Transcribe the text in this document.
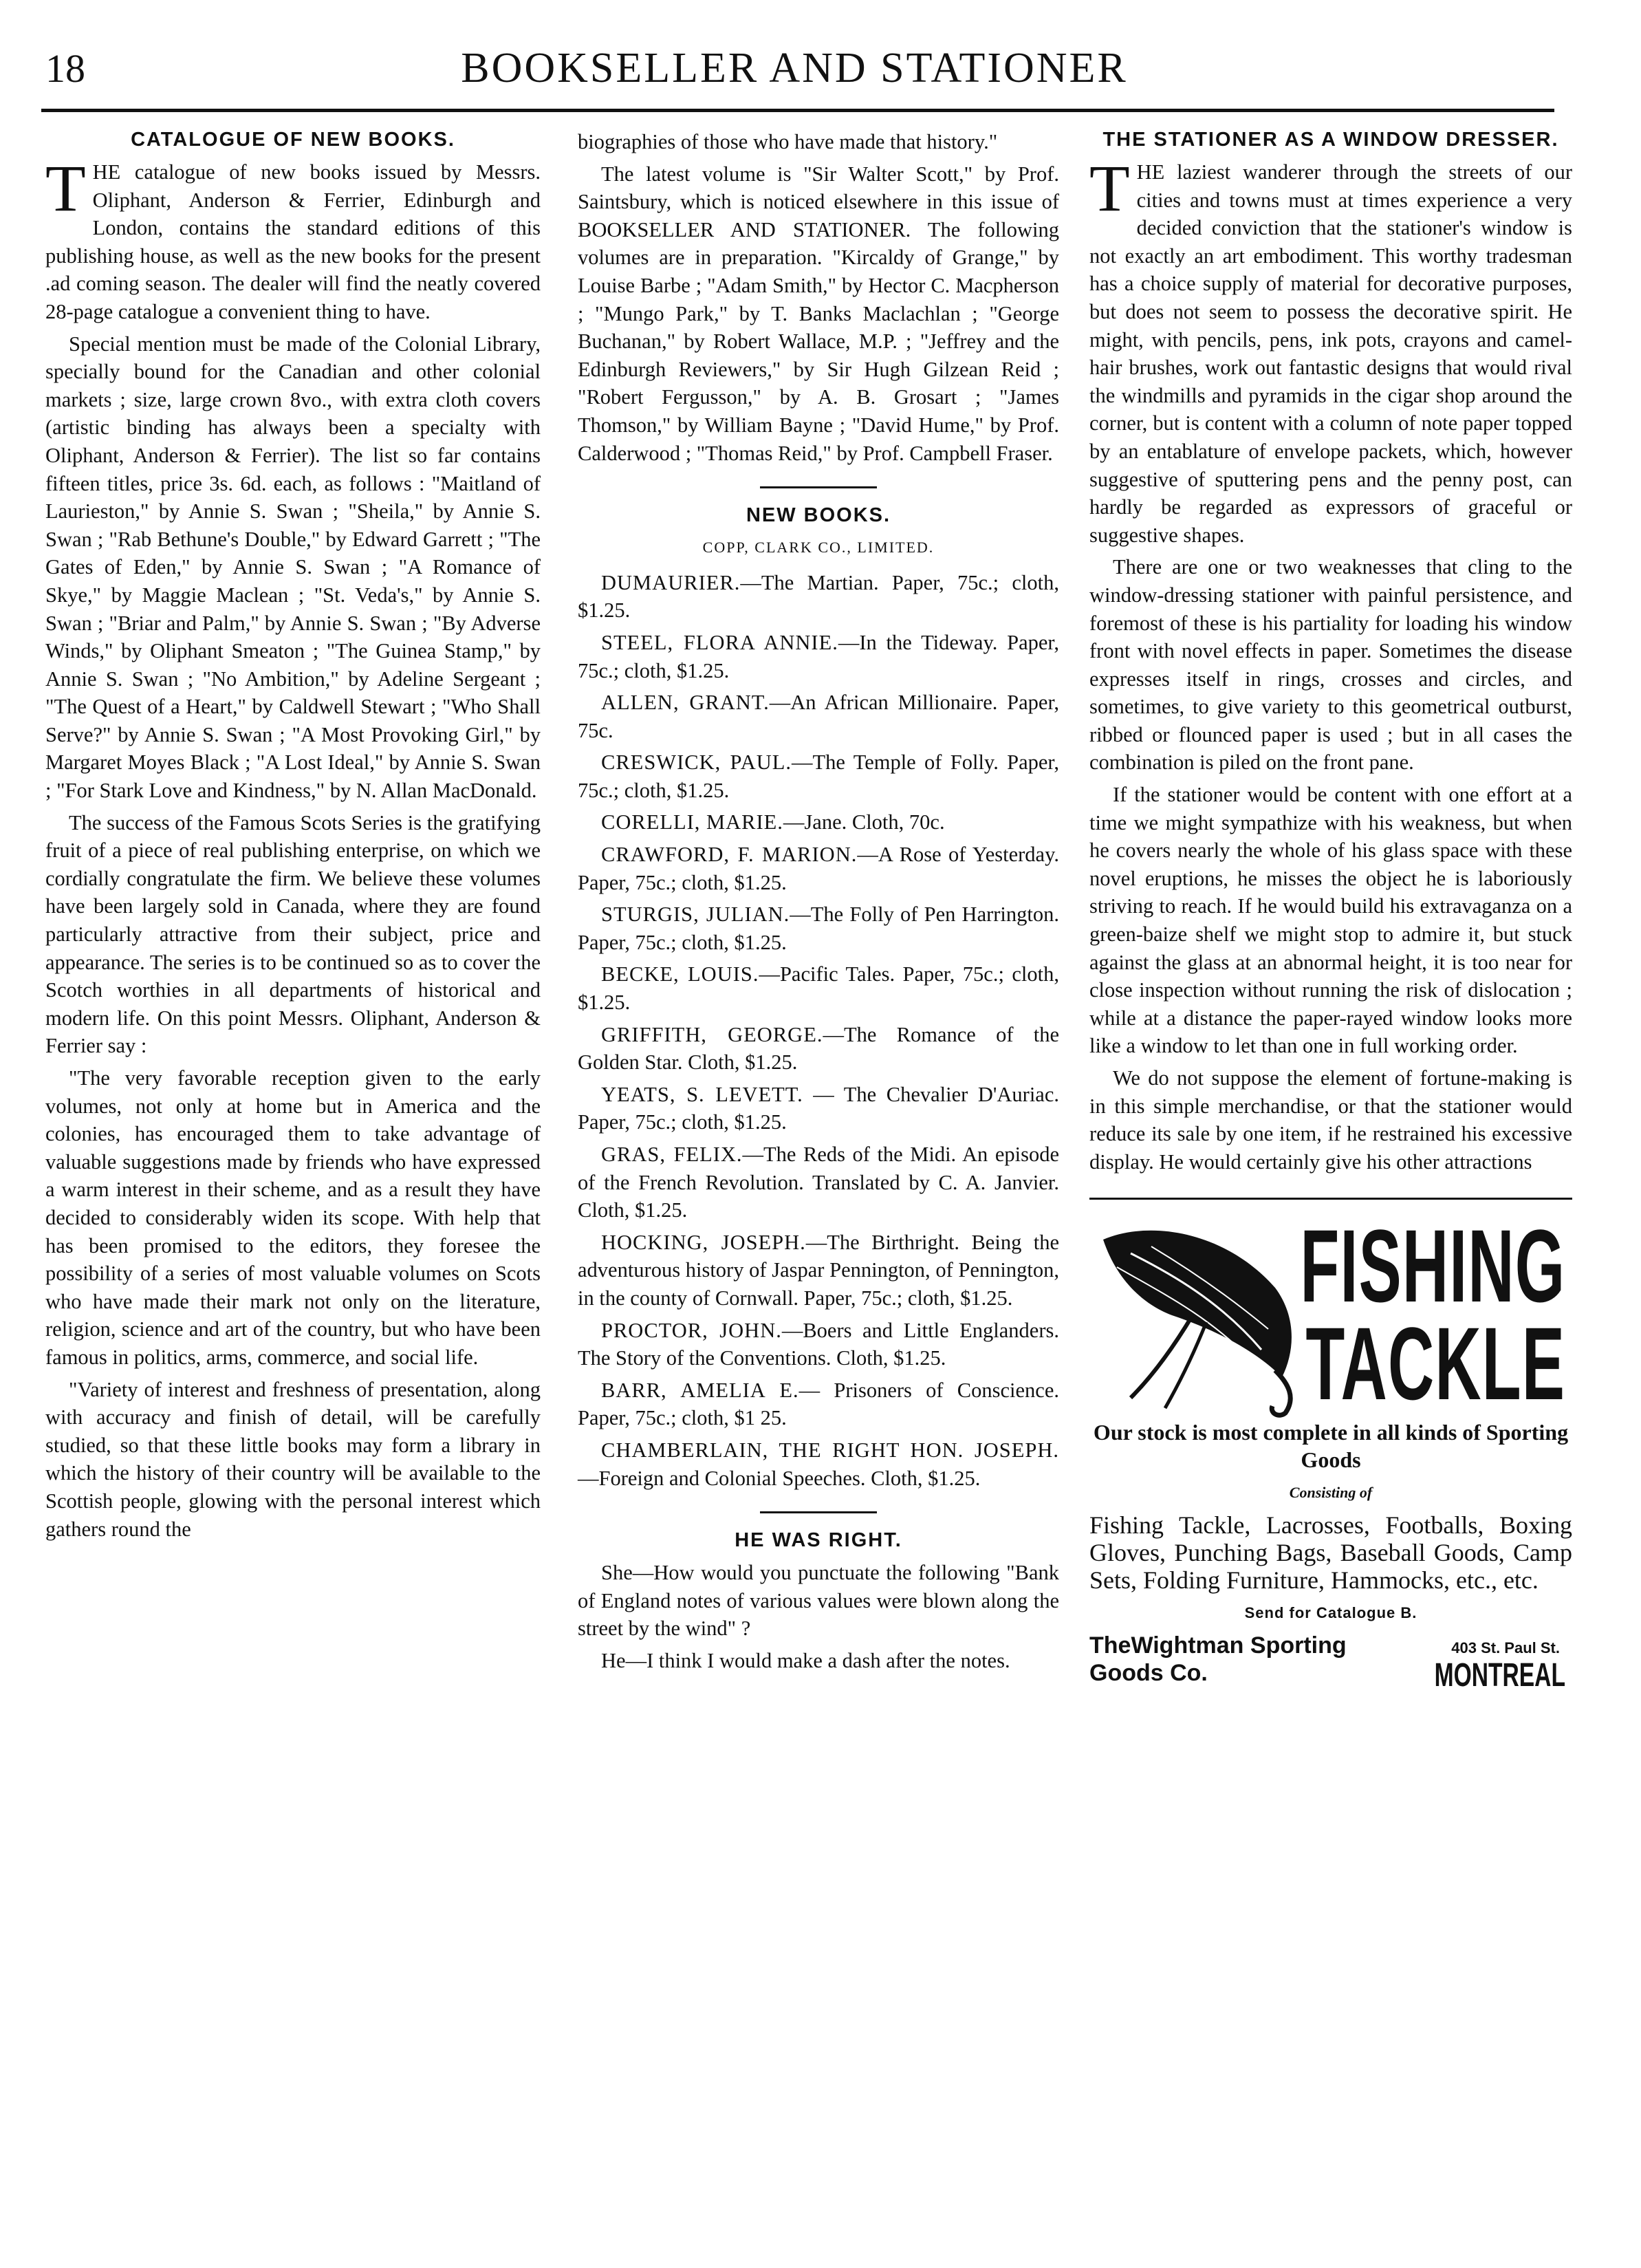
18	BOOKSELLER AND STATIONER
CATALOGUE OF NEW BOOKS.

THE catalogue of new books issued by Messrs. Oliphant, Anderson & Ferrier, Edinburgh and London, contains the standard editions of this publishing house, as well as the new books for the present .ad coming season. The dealer will find the neatly covered 28-page catalogue a convenient thing to have.

Special mention must be made of the Colonial Library, specially bound for the Canadian and other colonial markets ; size, large crown 8vo., with extra cloth covers (artistic binding has always been a specialty with Oliphant, Anderson & Ferrier). The list so far contains fifteen titles, price 3s. 6d. each, as follows : "Maitland of Laurieston," by Annie S. Swan ; "Sheila," by Annie S. Swan ; "Rab Bethune's Double," by Edward Garrett ; "The Gates of Eden," by Annie S. Swan ; "A Romance of Skye," by Maggie Maclean ; "St. Veda's," by Annie S. Swan ; "Briar and Palm," by Annie S. Swan ; "By Adverse Winds," by Oliphant Smeaton ; "The Guinea Stamp," by Annie S. Swan ; "No Ambition," by Adeline Sergeant ; "The Quest of a Heart," by Caldwell Stewart ; "Who Shall Serve?" by Annie S. Swan ; "A Most Provoking Girl," by Margaret Moyes Black ; "A Lost Ideal," by Annie S. Swan ; "For Stark Love and Kindness," by N. Allan MacDonald.

The success of the Famous Scots Series is the gratifying fruit of a piece of real publishing enterprise, on which we cordially congratulate the firm. We believe these volumes have been largely sold in Canada, where they are found particularly attractive from their subject, price and appearance. The series is to be continued so as to cover the Scotch worthies in all departments of historical and modern life. On this point Messrs. Oliphant, Anderson & Ferrier say :

"The very favorable reception given to the early volumes, not only at home but in America and the colonies, has encouraged them to take advantage of valuable suggestions made by friends who have expressed a warm interest in their scheme, and as a result they have decided to considerably widen its scope. With help that has been promised to the editors, they foresee the possibility of a series of most valuable volumes on Scots who have made their mark not only on the literature, religion, science and art of the country, but who have been famous in politics, arms, commerce, and social life.

"Variety of interest and freshness of presentation, along with accuracy and finish of detail, will be carefully studied, so that these little books may form a library in which the history of their country will be available to the Scottish people, glowing with the personal interest which gathers round the

biographies of those who have made that history."

The latest volume is "Sir Walter Scott," by Prof. Saintsbury, which is noticed elsewhere in this issue of BOOKSELLER AND STATIONER. The following volumes are in preparation. "Kircaldy of Grange," by Louise Barbe ; "Adam Smith," by Hector C. Macpherson ; "Mungo Park," by T. Banks Maclachlan ; "George Buchanan," by Robert Wallace, M.P. ; "Jeffrey and the Edinburgh Reviewers," by Sir Hugh Gilzean Reid ; "Robert Fergusson," by A. B. Grosart ; "James Thomson," by William Bayne ; "David Hume," by Prof. Calderwood ; "Thomas Reid," by Prof. Campbell Fraser.

NEW BOOKS.
COPP, CLARK CO., LIMITED.

DUMAURIER.—The Martian. Paper, 75c.; cloth, $1.25.

STEEL, FLORA ANNIE.—In the Tideway. Paper, 75c.; cloth, $1.25.

ALLEN, GRANT.—An African Millionaire. Paper, 75c.

CRESWICK, PAUL.—The Temple of Folly. Paper, 75c.; cloth, $1.25.

CORELLI, MARIE.—Jane. Cloth, 70c.

CRAWFORD, F. MARION.—A Rose of Yesterday. Paper, 75c.; cloth, $1.25.

STURGIS, JULIAN.—The Folly of Pen Harrington. Paper, 75c.; cloth, $1.25.

BECKE, LOUIS.—Pacific Tales. Paper, 75c.; cloth, $1.25.

GRIFFITH, GEORGE.—The Romance of the Golden Star. Cloth, $1.25.

YEATS, S. LEVETT. — The Chevalier D'Auriac. Paper, 75c.; cloth, $1.25.

GRAS, FELIX.—The Reds of the Midi. An episode of the French Revolution. Translated by C. A. Janvier. Cloth, $1.25.

HOCKING, JOSEPH.—The Birthright. Being the adventurous history of Jaspar Pennington, of Pennington, in the county of Cornwall. Paper, 75c.; cloth, $1.25.

PROCTOR, JOHN.—Boers and Little Englanders. The Story of the Conventions. Cloth, $1.25.

BARR, AMELIA E.— Prisoners of Conscience. Paper, 75c.; cloth, $1 25.

CHAMBERLAIN, THE RIGHT HON. JOSEPH.—Foreign and Colonial Speeches. Cloth, $1.25.

HE WAS RIGHT.

She—How would you punctuate the following "Bank of England notes of various values were blown along the street by the wind" ?

He—I think I would make a dash after the notes.

THE STATIONER AS A WINDOW DRESSER.

THE laziest wanderer through the streets of our cities and towns must at times experience a very decided conviction that the stationer's window is not exactly an art embodiment. This worthy tradesman has a choice supply of material for decorative purposes, but does not seem to possess the decorative spirit. He might, with pencils, pens, ink pots, crayons and camel-hair brushes, work out fantastic designs that would rival the windmills and pyramids in the cigar shop around the corner, but is content with a column of note paper topped by an entablature of envelope packets, which, however suggestive of sputtering pens and the penny post, can hardly be regarded as expressors of graceful or suggestive shapes.

There are one or two weaknesses that cling to the window-dressing stationer with painful persistence, and foremost of these is his partiality for loading his window front with novel effects in paper. Sometimes the disease expresses itself in rings, crosses and circles, and sometimes, to give variety to this geometrical outburst, ribbed or flounced paper is used ; but in all cases the combination is piled on the front pane.

If the stationer would be content with one effort at a time we might sympathize with his weakness, but when he covers nearly the whole of his glass space with these novel eruptions, he misses the object he is laboriously striving to reach. If he would build his extravaganza on a green-baize shelf we might stop to admire it, but stuck against the glass at an abnormal height, it is too near for close inspection without running the risk of dislocation ; while at a distance the paper-rayed window looks more like a window to let than one in full working order.

We do not suppose the element of fortune-making is in this simple merchandise, or that the stationer would reduce its sale by one item, if he restrained his excessive display. He would certainly give his other attractions

FISHING
TACKLE
Our stock is most complete in all kinds of Sporting Goods
Consisting of
Fishing Tackle, Lacrosses, Footballs, Boxing Gloves, Punching Bags, Baseball Goods, Camp Sets, Folding Furniture, Hammocks, etc., etc.
Send for Catalogue B.
TheWightman Sporting Goods Co.
403 St. Paul St.
MONTREAL
